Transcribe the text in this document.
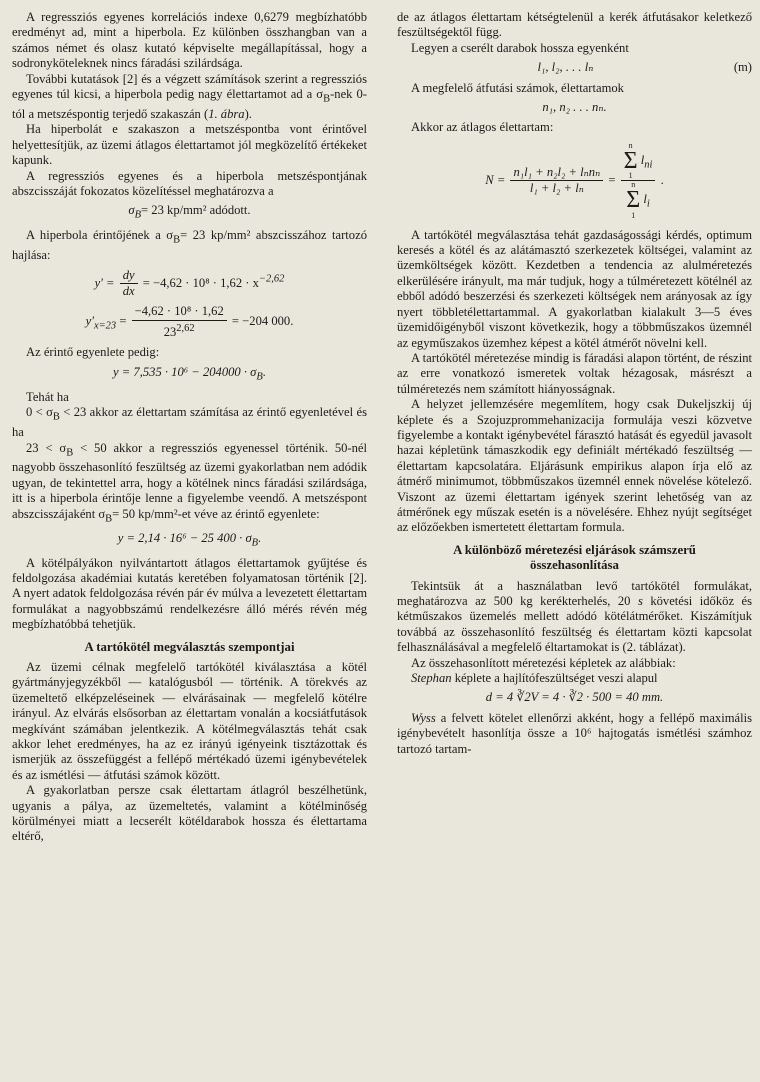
A regressziós egyenes korrelációs indexe 0,6279 megbízhatóbb eredményt ad, mint a hiperbola. Ez különben összhangban van a számos német és olasz kutató képviselte megállapítással, hogy a sodronyköteleknek nincs fáradási szilárdsága.

További kutatások [2] és a végzett számítások szerint a regressziós egyenes túl kicsi, a hiperbola pedig nagy élettartamot ad a $\sigma_B$-nek 0-tól a metszéspontig terjedő szakaszán (1. ábra).

Ha hiperbolát e szakaszon a metszéspontba vont érintővel helyettesítjük, az üzemi átlagos élettartamot jól megközelítő értékeket kapunk.

A regressziós egyenes és a hiperbola metszéspontjának abszcisszáját fokozatos közelítéssel meghatározva a

$\sigma_B= 23$ kp/mm² adódott.

A hiperbola érintőjének a $\sigma_B= 23$ kp/mm² abszcisszához tartozó hajlása:

$y' = \frac{dy}{dx} = -4,62 \cdot 10^8 \cdot 1,62 \cdot x^{-2,62}$
$y'_{x=23} = \frac{\text{−4,62 · 10⁸ · 1,62}}{23^{2,62}} = -204$ 000.

Az érintő egyenlete pedig:

$y = 7,535 \cdot 10^6 - 204000 \cdot \sigma_B$.

Tehát ha

$0 < \sigma_B < 23$ akkor az élettartam számítása az érintő egyenletével és ha

$23 < \sigma_B < 50$ akkor a regressziós egyenessel történik. 50-nél nagyobb összehasonlító feszültség az üzemi gyakorlatban nem adódik ugyan, de tekintettel arra, hogy a kötélnek nincs fáradási szilárdsága, itt is a hiperbola érintője lenne a figyelembe veendő. A metszéspont abszcisszájaként $\sigma_B= 50$ kp/mm²-et véve az érintő egyenlete:

y = 2,14 · 16⁶ − 25 $400 \cdot \sigma_B$.

A kötélpályákon nyilvántartott átlagos élettartamok gyűjtése és feldolgozása akadémiai kutatás keretében folyamatosan történik [2]. A nyert adatok feldolgozása révén pár év múlva a levezetett élettartam formulákat a nagyobbszámú rendelkezésre álló mérés révén még megbízhatóbbá tehetjük.

A tartókötél megválasztás szempontjai

Az üzemi célnak megfelelő tartókötél kiválasztása a kötél gyártmányjegyzékből — katalógusból — történik. A törekvés az üzemeltető elképzeléseinek — elvárásainak — megfelelő kötélre irányul. Az elvárás elsősorban az élettartam vonalán a kocsiátfutások megkívánt számában jelentkezik. A kötélmegválasztás tehát csak akkor lehet eredményes, ha az ez irányú igényeink tisztázottak és ismerjük az összefüggést a fellépő mértékadó üzemi igénybevételek és az ismétlési — átfutási számok között.

A gyakorlatban persze csak élettartam átlagról beszélhetünk, ugyanis a pálya, az üzemeltetés, valamint a kötélminőség körülményei miatt a lecserélt kötéldarabok hossza és élettartama eltérő,

de az átlagos élettartam kétségtelenül a kerék átfutásakor keletkező feszültségektől függ.

Legyen a cserélt darabok hossza egyenként

(m)
l₁, l₂, . . . lₙ

A megfelelő átfutási számok, élettartamok

n₁, n₂ . . . nₙ.

Akkor az átlagos élettartam:

$N = \frac{\text{n₁l₁ + n₂l₂ + lₙnₙ}}{\text{l₁ + l₂ + lₙ}} = n$
Σ
1
$l_{ni}$
n
Σ
1
$l_i$ .

A tartókötél megválasztása tehát gazdaságossági kérdés, optimum keresés a kötél és az alátámasztó szerkezetek költségei, valamint az üzemköltségek között. Kezdetben a tendencia az alulméretezés elkerülésére irányult, ma már tudjuk, hogy a túlméretezett kötélnél az ebből adódó beszerzési és szerkezeti költségek nem arányosak az így nyert többletélettartammal. A gyakorlatban kialakult 3—5 éves üzemidőigényből viszont következik, hogy a többműszakos üzemnél az egyműszakos üzemhez képest a kötél átmérőt növelni kell.

A tartókötél méretezése mindig is fáradási alapon történt, de részint az erre vonatkozó ismeretek voltak hézagosak, másrészt a túlméretezés nem számított hiányosságnak.

A helyzet jellemzésére megemlítem, hogy csak Dukeljszkij új képlete és a Szojuzprommehanizacija formulája veszi közvetve figyelembe a kontakt igénybevétel fárasztó hatását és egyedül javasolt hazai képletünk támaszkodik egy definiált mértékadó feszültség — élettartam kapcsolatára. Eljárásunk empirikus alapon írja elő az átmérő minimumot, többműszakos üzemnél ennek növelése kötelező. Viszont az üzemi élettartam igények szerint lehetőség van az átmérőnek egy műszak esetén is a növelésére. Ehhez nyújt segítséget az előzőekben ismertetett élettartam formula.

A különböző méretezési eljárások számszerű
összehasonlítása

Tekintsük át a használatban levő tartókötél formulákat, meghatározva az 500 kg kerékterhelés, 20 s követési időköz és kétműszakos üzemelés mellett adódó kötélátmérőket. Kiszámítjuk továbbá az összehasonlító feszültség és élettartam közti kapcsolat felhasználásával a megfelelő éltartamokat is (2. táblázat).

Az összehasonlított méretezési képletek az alábbiak:

Stephan képlete a hajlítófeszültséget veszi alapul

d = 4 ∛2V = 4 · ∛2 · 500 = 40 mm.

Wyss a felvett kötelet ellenőrzi akként, hogy a fellépő maximális igénybevételt hasonlítja össze a 10⁶ hajtogatás ismétlési számhoz tartozó tartam-
